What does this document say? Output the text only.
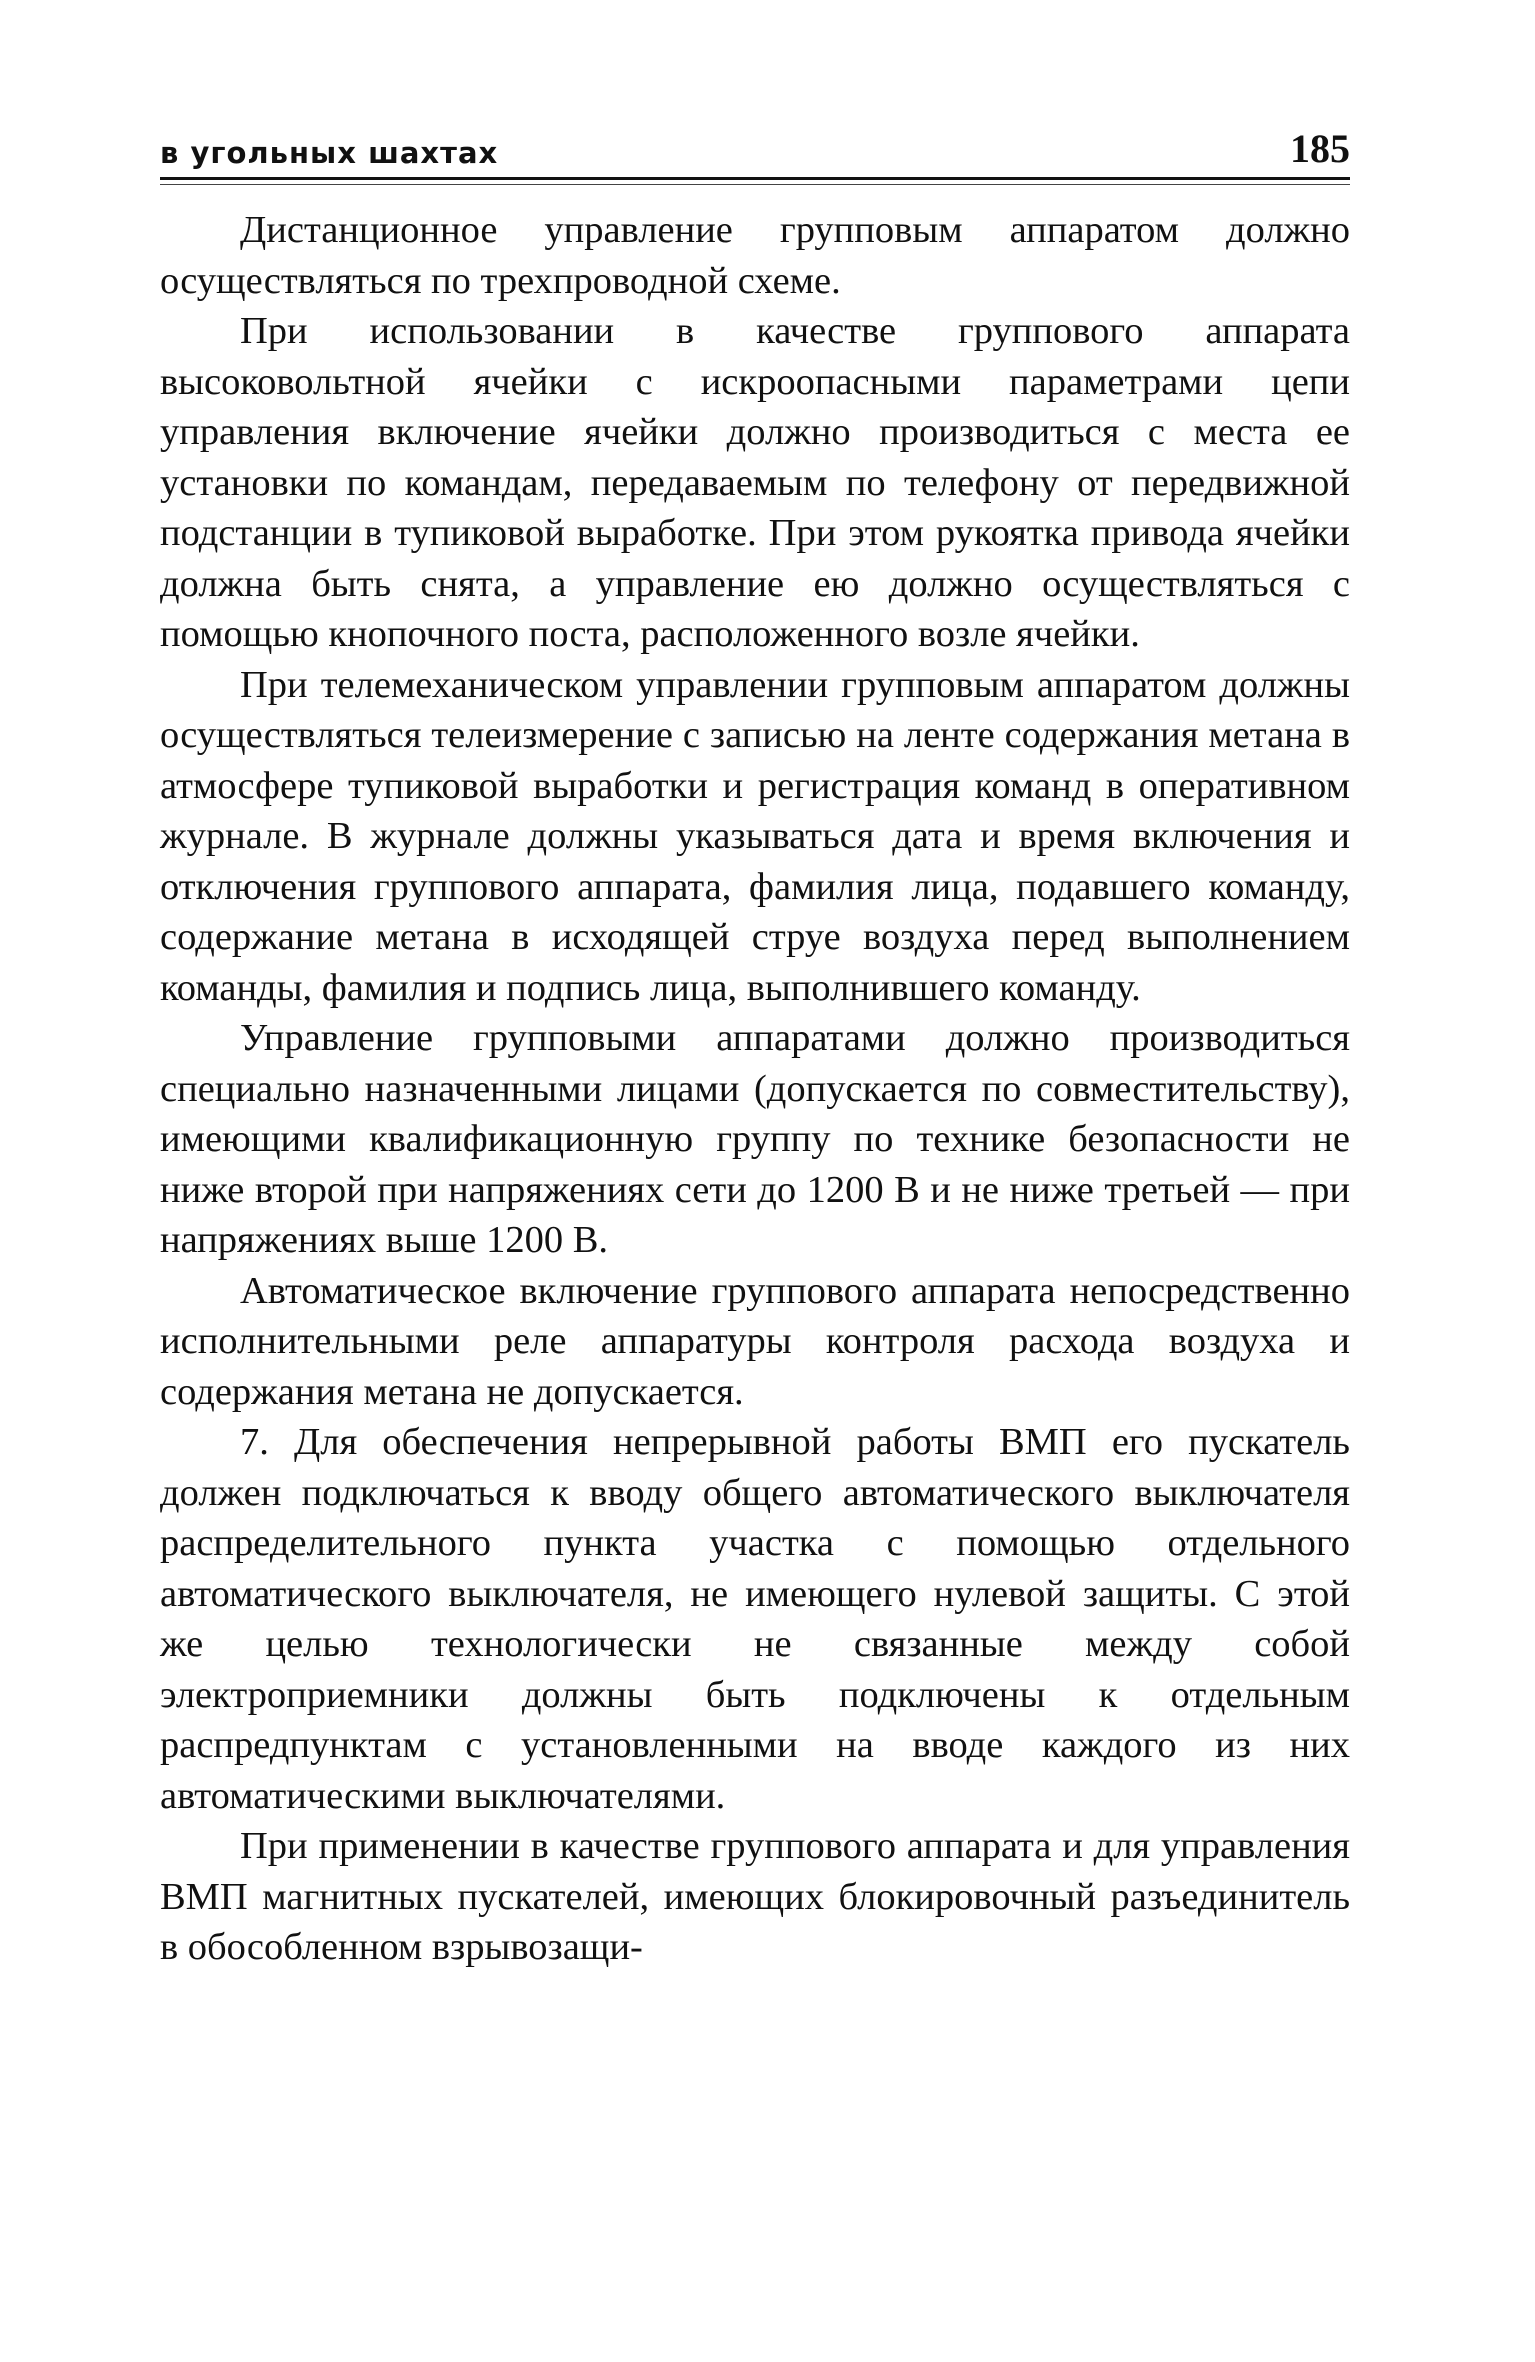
в угольных шахтах	185

Дистанционное управление групповым аппаратом должно осуществляться по трехпроводной схеме.

При использовании в качестве группового аппарата высоковольтной ячейки с искроопасными параметрами цепи управления включение ячейки должно производиться с места ее установки по командам, передаваемым по телефону от передвижной подстанции в тупиковой выработке. При этом рукоятка привода ячейки должна быть снята, а управление ею должно осуществляться с помощью кнопочного поста, расположенного возле ячейки.

При телемеханическом управлении групповым аппаратом должны осуществляться телеизмерение с записью на ленте содержания метана в атмосфере тупиковой выработки и регистрация команд в оперативном журнале. В журнале должны указываться дата и время включения и отключения группового аппарата, фамилия лица, подавшего команду, содержание метана в исходящей струе воздуха перед выполнением команды, фамилия и подпись лица, выполнившего команду.

Управление групповыми аппаратами должно производиться специально назначенными лицами (допускается по совместительству), имеющими квалификационную группу по технике безопасности не ниже второй при напряжениях сети до 1200 В и не ниже третьей — при напряжениях выше 1200 В.

Автоматическое включение группового аппарата непосредственно исполнительными реле аппаратуры контроля расхода воздуха и содержания метана не допускается.

7. Для обеспечения непрерывной работы ВМП его пускатель должен подключаться к вводу общего автоматического выключателя распределительного пункта участка с помощью отдельного автоматического выключателя, не имеющего нулевой защиты. С этой же целью технологически не связанные между собой электроприемники должны быть подключены к отдельным распредпунктам с установленными на вводе каждого из них автоматическими выключателями.

При применении в качестве группового аппарата и для управления ВМП магнитных пускателей, имеющих блокировочный разъединитель в обособленном взрывозащи-
